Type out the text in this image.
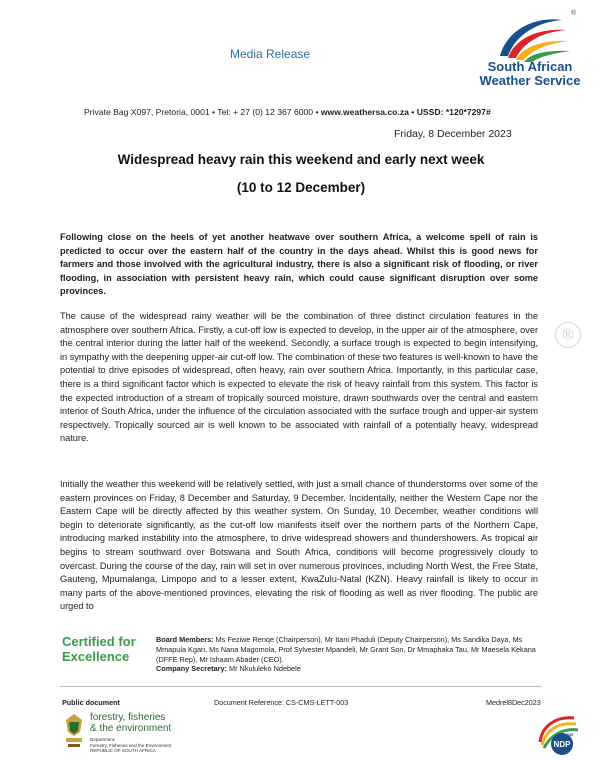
Media Release
®
South African
Weather Service
Private Bag X097, Pretoria, 0001 • Tel: + 27 (0) 12 367 6000 • www.weathersa.co.za • USSD: *120*7297#
Friday, 8 December 2023
Widespread heavy rain this weekend and early next week
(10 to 12 December)
Following close on the heels of yet another heatwave over southern Africa, a welcome spell of rain is predicted to occur over the eastern half of the country in the days ahead. Whilst this is good news for farmers and those involved with the agricultural industry, there is also a significant risk of flooding, or river flooding, in association with persistent heavy rain, which could cause significant disruption over some provinces.
The cause of the widespread rainy weather will be the combination of three distinct circulation features in the atmosphere over southern Africa. Firstly, a cut-off low is expected to develop, in the upper air of the atmosphere, over the central interior during the latter half of the weekend. Secondly, a surface trough is expected to begin intensifying, in sympathy with the deepening upper-air cut-off low. The combination of these two features is well-known to have the potential to drive episodes of widespread, often heavy, rain over southern Africa. Importantly, in this particular case, there is a third significant factor which is expected to elevate the risk of heavy rainfall from this system. This factor is the expected introduction of a stream of tropically sourced moisture, drawn southwards over the central and eastern interior of South Africa, under the influence of the circulation associated with the surface trough and upper-air system respectively. Tropically sourced air is well known to be associated with rainfall of a potentially heavy, widespread nature.
Initially the weather this weekend will be relatively settled, with just a small chance of thunderstorms over some of the eastern provinces on Friday, 8 December and Saturday, 9 December. Incidentally, neither the Western Cape nor the Eastern Cape will be directly affected by this weather system. On Sunday, 10 December, weather conditions will begin to deteriorate significantly, as the cut-off low manifests itself over the northern parts of the Northern Cape, introducing marked instability into the atmosphere, to drive widespread showers and thundershowers. As tropical air begins to stream southward over Botswana and South Africa, conditions will become progressively cloudy to overcast. During the course of the day, rain will set in over numerous provinces, including North West, the Free State, Gauteng, Mpumalanga, Limpopo and to a lesser extent, KwaZulu-Natal (KZN). Heavy rainfall is likely to occur in many parts of the above-mentioned provinces, elevating the risk of flooding as well as river flooding. The public are urged to
®
Certified for
Excellence
Board Members: Ms Feziwe Renqe (Chairperson), Mr Itani Phaduli (Deputy Chairperson), Ms Sandika Daya, Ms Mmapula Kgari, Ms Nana Magomola, Prof Sylvester Mpandeli, Mr Grant Son, Dr Mmaphaka Tau, Mr Maesela Kekana (DFFE Rep), Mr Ishaam Abader (CEO).
Company Secretary: Mr Nkululeko Ndebele
Public document	Document Reference: CS-CMS-LETT-003	Medrel8Dec2023
forestry, fisheries
& the environment
Department:
Forestry, Fisheries and the Environment
REPUBLIC OF SOUTH AFRICA
NDP
2030
